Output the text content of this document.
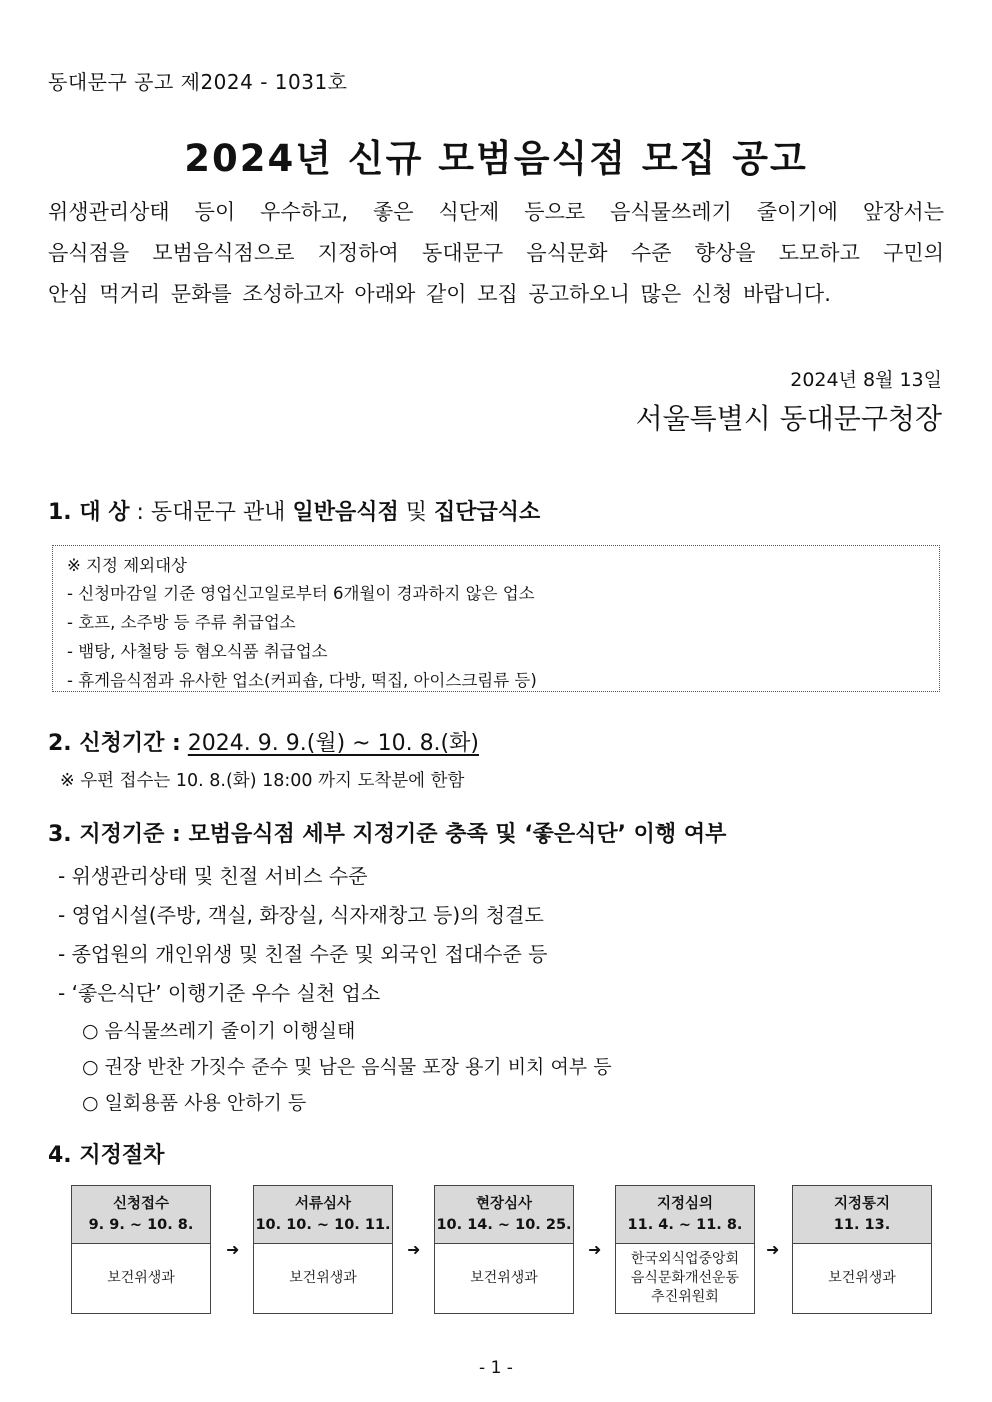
동대문구 공고 제2024 - 1031호
2024년 신규 모범음식점 모집 공고
위생관리상태 등이 우수하고, 좋은 식단제 등으로 음식물쓰레기 줄이기에 앞장서는
음식점을 모범음식점으로 지정하여 동대문구 음식문화 수준 향상을 도모하고 구민의
안심 먹거리 문화를 조성하고자 아래와 같이 모집 공고하오니 많은 신청 바랍니다.
2024년 8월 13일
서울특별시 동대문구청장
1. 대 상 : 동대문구 관내 일반음식점 및 집단급식소
※ 지정 제외대상
- 신청마감일 기준 영업신고일로부터 6개월이 경과하지 않은 업소
- 호프, 소주방 등 주류 취급업소
- 뱀탕, 사철탕 등 혐오식품 취급업소
- 휴게음식점과 유사한 업소(커피숍, 다방, 떡집, 아이스크림류 등)
2. 신청기간 : 2024. 9. 9.(월) ~ 10. 8.(화)
※ 우편 접수는 10. 8.(화) 18:00 까지 도착분에 한함
3. 지정기준 : 모범음식점 세부 지정기준 충족 및 ‘좋은식단’ 이행 여부
- 위생관리상태 및 친절 서비스 수준
- 영업시설(주방, 객실, 화장실, 식자재창고 등)의 청결도
- 종업원의 개인위생 및 친절 수준 및 외국인 접대수준 등
- ‘좋은식단’ 이행기준 우수 실천 업소
○ 음식물쓰레기 줄이기 이행실태
○ 권장 반찬 가짓수 준수 및 남은 음식물 포장 용기 비치 여부 등
○ 일회용품 사용 안하기 등
4. 지정절차
신청접수
9. 9. ~ 10. 8.
보건위생과
➜
서류심사
10. 10. ~ 10. 11.
보건위생과
➜
현장심사
10. 14. ~ 10. 25.
보건위생과
➜
지정심의
11. 4. ~ 11. 8.
한국외식업중앙회
음식문화개선운동
추진위원회
➜
지정통지
11. 13.
보건위생과
- 1 -
